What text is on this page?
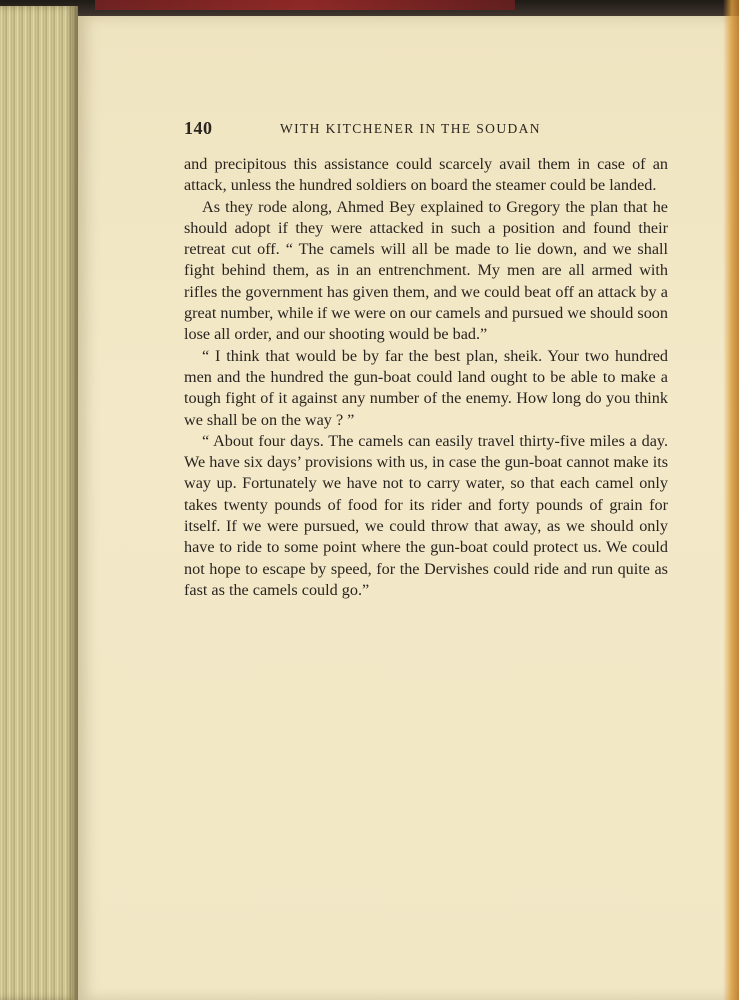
140	WITH KITCHENER IN THE SOUDAN

and precipitous this assistance could scarcely avail them in case of an attack, unless the hundred soldiers on board the steamer could be landed.

As they rode along, Ahmed Bey explained to Gregory the plan that he should adopt if they were attacked in such a position and found their retreat cut off. “ The camels will all be made to lie down, and we shall fight behind them, as in an entrenchment. My men are all armed with rifles the government has given them, and we could beat off an attack by a great number, while if we were on our camels and pursued we should soon lose all order, and our shooting would be bad.”

“ I think that would be by far the best plan, sheik. Your two hundred men and the hundred the gun-boat could land ought to be able to make a tough fight of it against any number of the enemy. How long do you think we shall be on the way ? ”

“ About four days. The camels can easily travel thirty-five miles a day. We have six days’ provisions with us, in case the gun-boat cannot make its way up. Fortunately we have not to carry water, so that each camel only takes twenty pounds of food for its rider and forty pounds of grain for itself. If we were pursued, we could throw that away, as we should only have to ride to some point where the gun-boat could protect us. We could not hope to escape by speed, for the Dervishes could ride and run quite as fast as the camels could go.”
